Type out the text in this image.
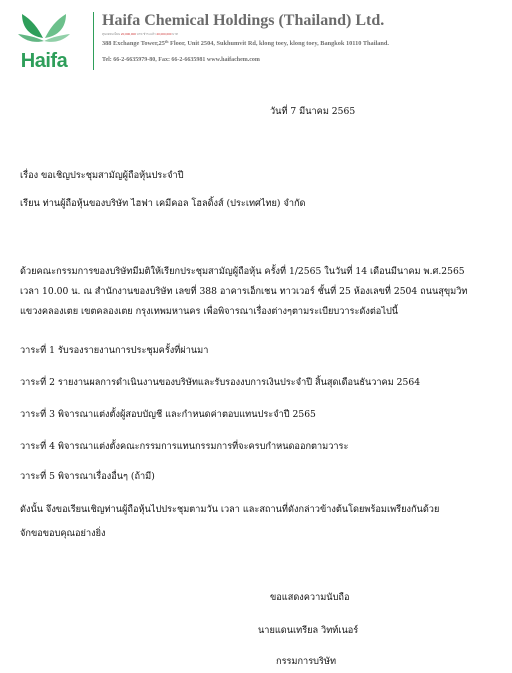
Haifa
Haifa Chemical Holdings (Thailand) Ltd.
ทุนจดทะเบียน 20,000,000 บาท ชำระแล้ว 20,000,000 บาท
388 Exchange Tower,25th Floor, Unit 2504, Sukhumvit Rd, klong toey, klong toey, Bangkok 10110 Thailand.
Tel: 66-2-6635979-80, Fax: 66-2-6635981 www.haifachem.com
วันที่ 7 มีนาคม 2565
เรื่อง ขอเชิญประชุมสามัญผู้ถือหุ้นประจำปี
เรียน ท่านผู้ถือหุ้นของบริษัท ไฮฟา เคมีคอล โฮลดิ้งส์ (ประเทศไทย) จำกัด
ด้วยคณะกรรมการของบริษัทมีมติให้เรียกประชุมสามัญผู้ถือหุ้น ครั้งที่ 1/2565 ในวันที่ 14 เดือนมีนาคม พ.ศ.2565
เวลา 10.00 น. ณ สำนักงานของบริษัท เลขที่ 388 อาคารเอ็กเชน ทาวเวอร์ ชั้นที่ 25 ห้องเลขที่ 2504 ถนนสุขุมวิท
แขวงคลองเตย เขตคลองเตย กรุงเทพมหานคร เพื่อพิจารณาเรื่องต่างๆตามระเบียบวาระดังต่อไปนี้
วาระที่ 1 รับรองรายงานการประชุมครั้งที่ผ่านมา
วาระที่ 2 รายงานผลการดำเนินงานของบริษัทและรับรองงบการเงินประจำปี สิ้นสุดเดือนธันวาคม 2564
วาระที่ 3 พิจารณาแต่งตั้งผู้สอบบัญชี และกำหนดค่าตอบแทนประจำปี 2565
วาระที่ 4 พิจารณาแต่งตั้งคณะกรรมการแทนกรรมการที่จะครบกำหนดออกตามวาระ
วาระที่ 5 พิจารณาเรื่องอื่นๆ (ถ้ามี)
ดังนั้น จึงขอเรียนเชิญท่านผู้ถือหุ้นไปประชุมตามวัน เวลา และสถานที่ดังกล่าวข้างต้นโดยพร้อมเพรียงกันด้วย
จักขอขอบคุณอย่างยิ่ง
ขอแสดงความนับถือ
นายแดนเทรียล วิทท์เนอร์
กรรมการบริษัท
